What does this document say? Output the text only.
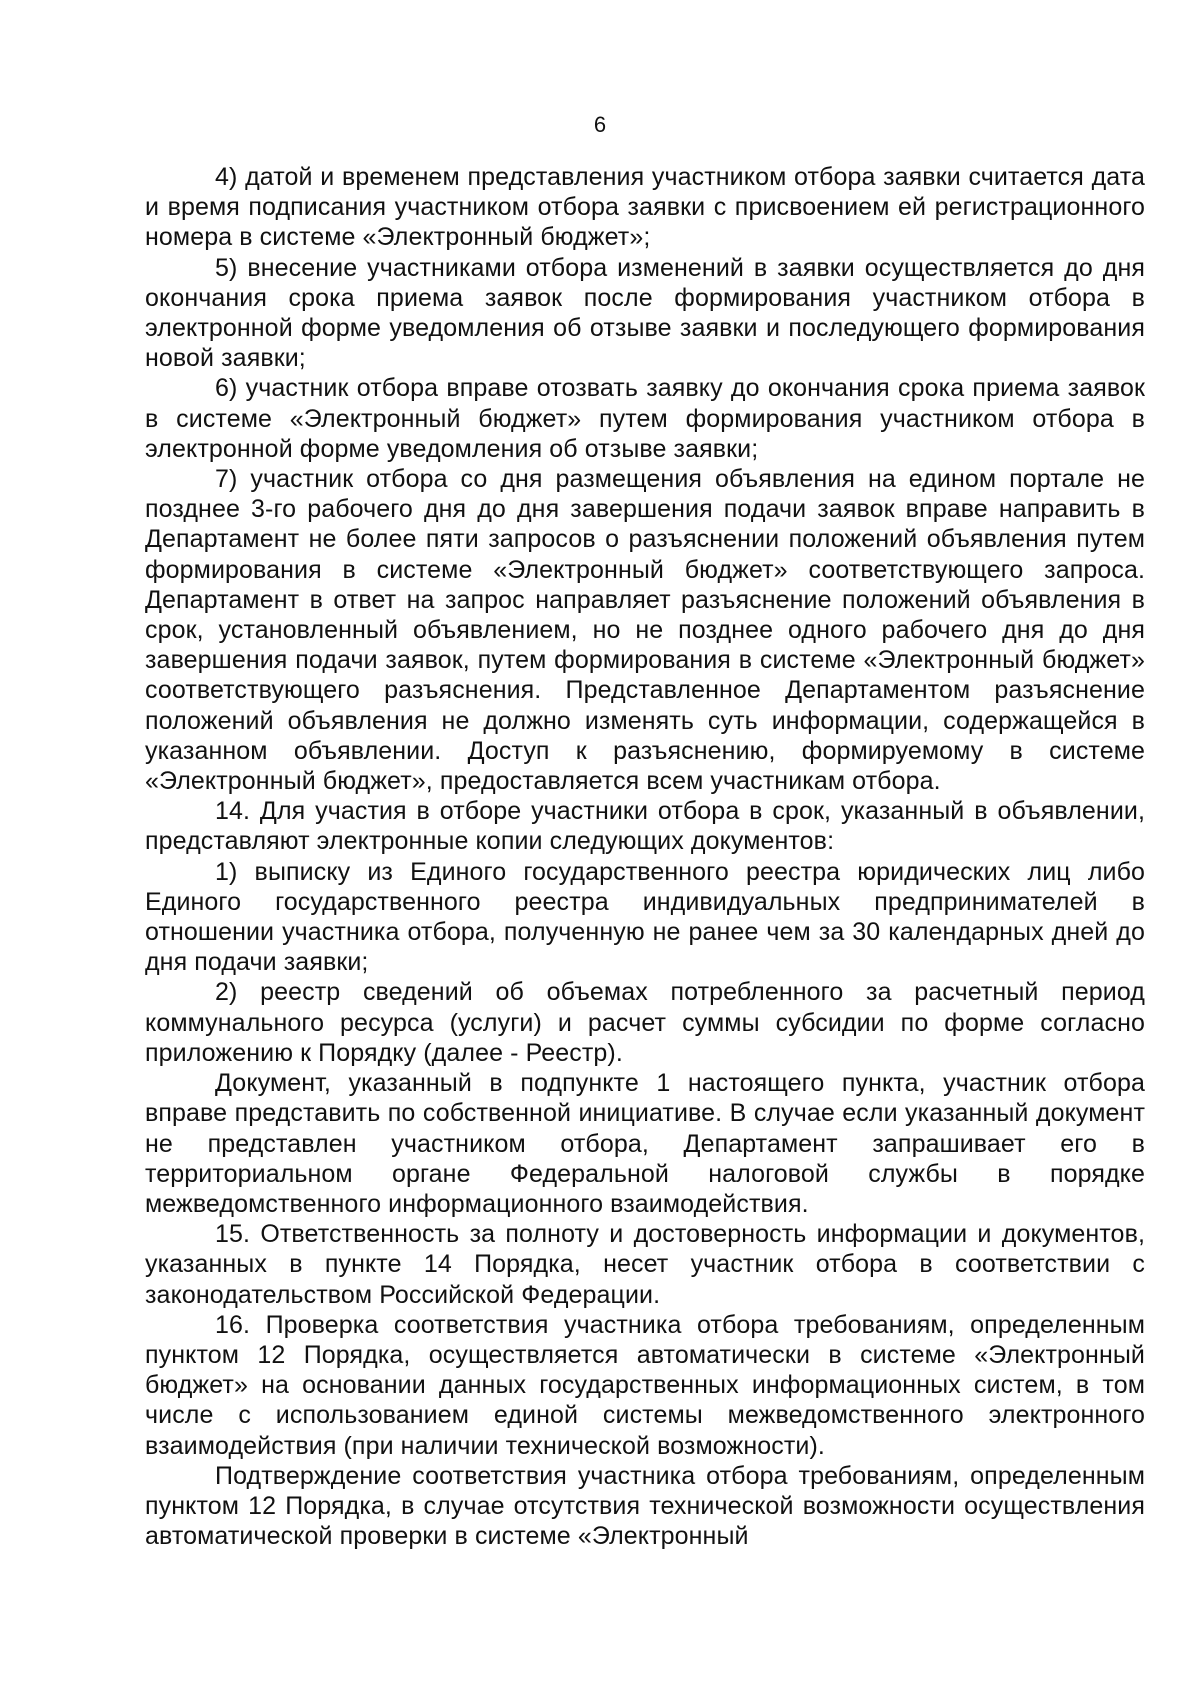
6

4) датой и временем представления участником отбора заявки считается дата и время подписания участником отбора заявки с присвоением ей регистрационного номера в системе «Электронный бюджет»;

5) внесение участниками отбора изменений в заявки осуществляется до дня окончания срока приема заявок после формирования участником отбора в электронной форме уведомления об отзыве заявки и последующего формирования новой заявки;

6) участник отбора вправе отозвать заявку до окончания срока приема заявок в системе «Электронный бюджет» путем формирования участником отбора в электронной форме уведомления об отзыве заявки;

7) участник отбора со дня размещения объявления на едином портале не позднее 3-го рабочего дня до дня завершения подачи заявок вправе направить в Департамент не более пяти запросов о разъяснении положений объявления путем формирования в системе «Электронный бюджет» соответствующего запроса. Департамент в ответ на запрос направляет разъяснение положений объявления в срок, установленный объявлением, но не позднее одного рабочего дня до дня завершения подачи заявок, путем формирования в системе «Электронный бюджет» соответствующего разъяснения. Представленное Департаментом разъяснение положений объявления не должно изменять суть информации, содержащейся в указанном объявлении. Доступ к разъяснению, формируемому в системе «Электронный бюджет», предоставляется всем участникам отбора.

14. Для участия в отборе участники отбора в срок, указанный в объявлении, представляют электронные копии следующих документов:

1) выписку из Единого государственного реестра юридических лиц либо Единого государственного реестра индивидуальных предпринимателей в отношении участника отбора, полученную не ранее чем за 30 календарных дней до дня подачи заявки;

2) реестр сведений об объемах потребленного за расчетный период коммунального ресурса (услуги) и расчет суммы субсидии по форме согласно приложению к Порядку (далее - Реестр).

Документ, указанный в подпункте 1 настоящего пункта, участник отбора вправе представить по собственной инициативе. В случае если указанный документ не представлен участником отбора, Департамент запрашивает его в территориальном органе Федеральной налоговой службы в порядке межведомственного информационного взаимодействия.

15. Ответственность за полноту и достоверность информации и документов, указанных в пункте 14 Порядка, несет участник отбора в соответствии с законодательством Российской Федерации.

16. Проверка соответствия участника отбора требованиям, определенным пунктом 12 Порядка, осуществляется автоматически в системе «Электронный бюджет» на основании данных государственных информационных систем, в том числе с использованием единой системы межведомственного электронного взаимодействия (при наличии технической возможности).

Подтверждение соответствия участника отбора требованиям, определенным пунктом 12 Порядка, в случае отсутствия технической возможности осуществления автоматической проверки в системе «Электронный
